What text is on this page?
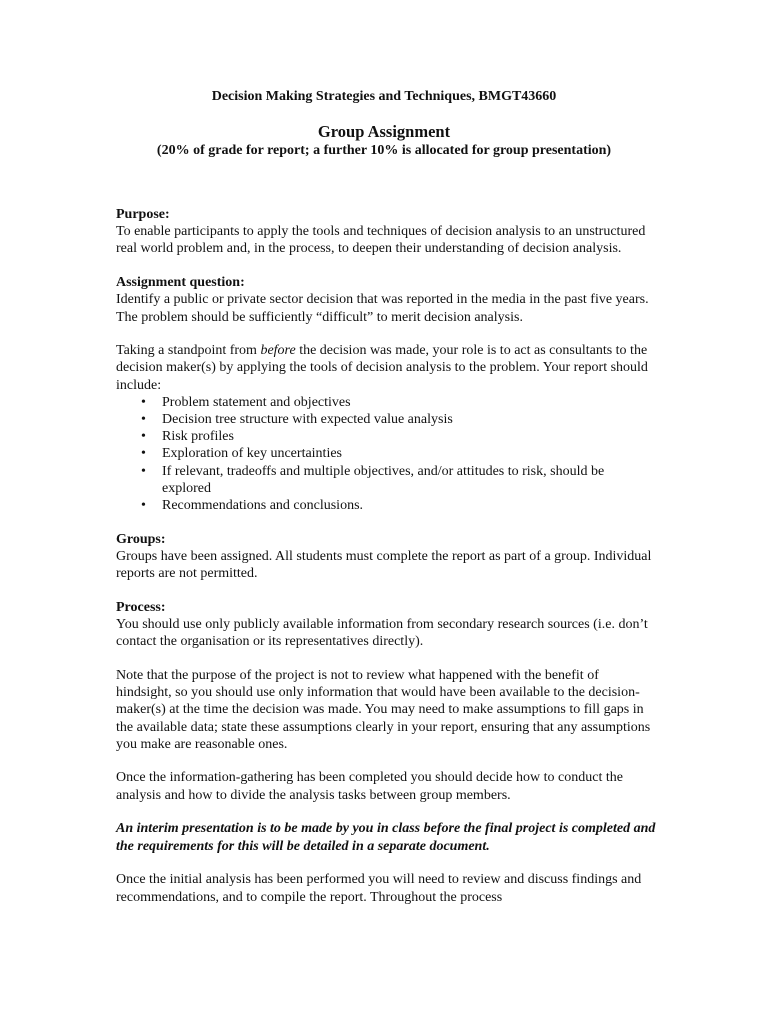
Decision Making Strategies and Techniques, BMGT43660
Group Assignment
(20% of grade for report; a further 10% is allocated for group presentation)
Purpose:

To enable participants to apply the tools and techniques of decision analysis to an unstructured real world problem and, in the process, to deepen their understanding of decision analysis.

Assignment question:

Identify a public or private sector decision that was reported in the media in the past five years. The problem should be sufficiently “difficult” to merit decision analysis.

Taking a standpoint from before the decision was made, your role is to act as consultants to the decision maker(s) by applying the tools of decision analysis to the problem. Your report should include:

• Problem statement and objectives
• Decision tree structure with expected value analysis
• Risk profiles
• Exploration of key uncertainties
• If relevant, tradeoffs and multiple objectives, and/or attitudes to risk, should be explored
• Recommendations and conclusions.
Groups:

Groups have been assigned. All students must complete the report as part of a group. Individual reports are not permitted.

Process:

You should use only publicly available information from secondary research sources (i.e. don’t contact the organisation or its representatives directly).

Note that the purpose of the project is not to review what happened with the benefit of hindsight, so you should use only information that would have been available to the decision-maker(s) at the time the decision was made. You may need to make assumptions to fill gaps in the available data; state these assumptions clearly in your report, ensuring that any assumptions you make are reasonable ones.

Once the information-gathering has been completed you should decide how to conduct the analysis and how to divide the analysis tasks between group members.

An interim presentation is to be made by you in class before the final project is completed and the requirements for this will be detailed in a separate document.

Once the initial analysis has been performed you will need to review and discuss findings and recommendations, and to compile the report. Throughout the process
